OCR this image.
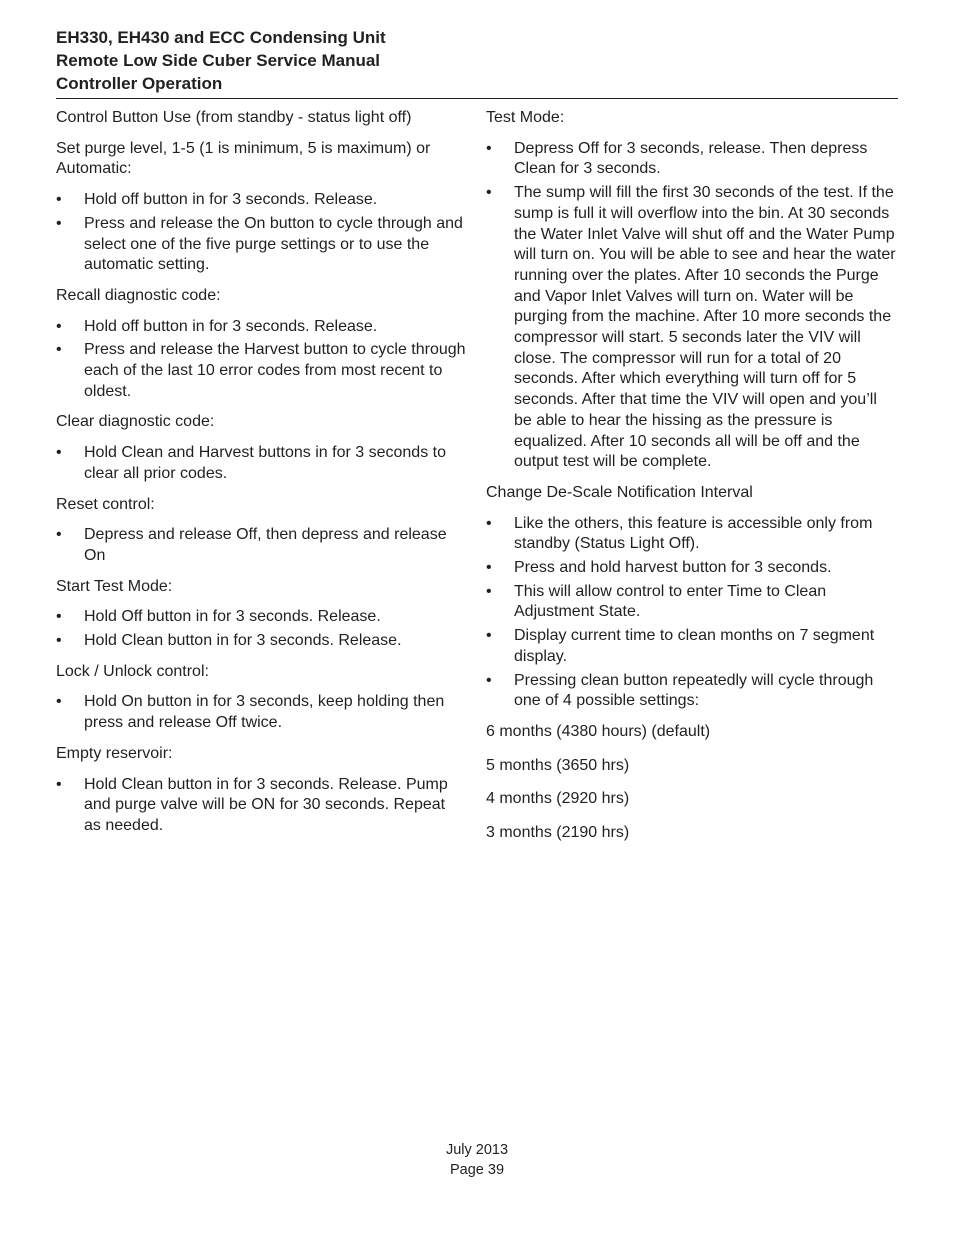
EH330, EH430 and ECC Condensing Unit
Remote Low Side Cuber Service Manual
Controller Operation

Control Button Use (from standby - status light off)

Set purge level, 1-5 (1 is minimum, 5 is maximum) or Automatic:

• Hold off button in for 3 seconds. Release.
• Press and release the On button to cycle through and select one of the five purge settings or to use the automatic setting.

Recall diagnostic code:

• Hold off button in for 3 seconds. Release.
• Press and release the Harvest button to cycle through each of the last 10 error codes from most recent to oldest.

Clear diagnostic code:

• Hold Clean and Harvest buttons in for 3 seconds to clear all prior codes.

Reset control:

• Depress and release Off, then depress and release On

Start Test Mode:

• Hold Off button in for 3 seconds. Release.
• Hold Clean button in for 3 seconds. Release.

Lock / Unlock control:

• Hold On button in for 3 seconds, keep holding then press and release Off twice.

Empty reservoir:

• Hold Clean button in for 3 seconds. Release. Pump and purge valve will be ON for 30 seconds. Repeat as needed.

Test Mode:

• Depress Off for 3 seconds, release. Then depress Clean for 3 seconds.
• The sump will fill the first 30 seconds of the test. If the sump is full it will overflow into the bin. At 30 seconds the Water Inlet Valve will shut off and the Water Pump will turn on. You will be able to see and hear the water running over the plates. After 10 seconds the Purge and Vapor Inlet Valves will turn on. Water will be purging from the machine. After 10 more seconds the compressor will start. 5 seconds later the VIV will close. The compressor will run for a total of 20 seconds. After which everything will turn off for 5 seconds. After that time the VIV will open and you’ll be able to hear the hissing as the pressure is equalized. After 10 seconds all will be off and the output test will be complete.

Change De-Scale Notification Interval

• Like the others, this feature is accessible only from standby (Status Light Off).
• Press and hold harvest button for 3 seconds.
• This will allow control to enter Time to Clean Adjustment State.
• Display current time to clean months on 7 segment display.
• Pressing clean button repeatedly will cycle through one of 4 possible settings:

6 months (4380 hours) (default)

5 months (3650 hrs)

4 months (2920 hrs)

3 months (2190 hrs)

July 2013
Page 39
